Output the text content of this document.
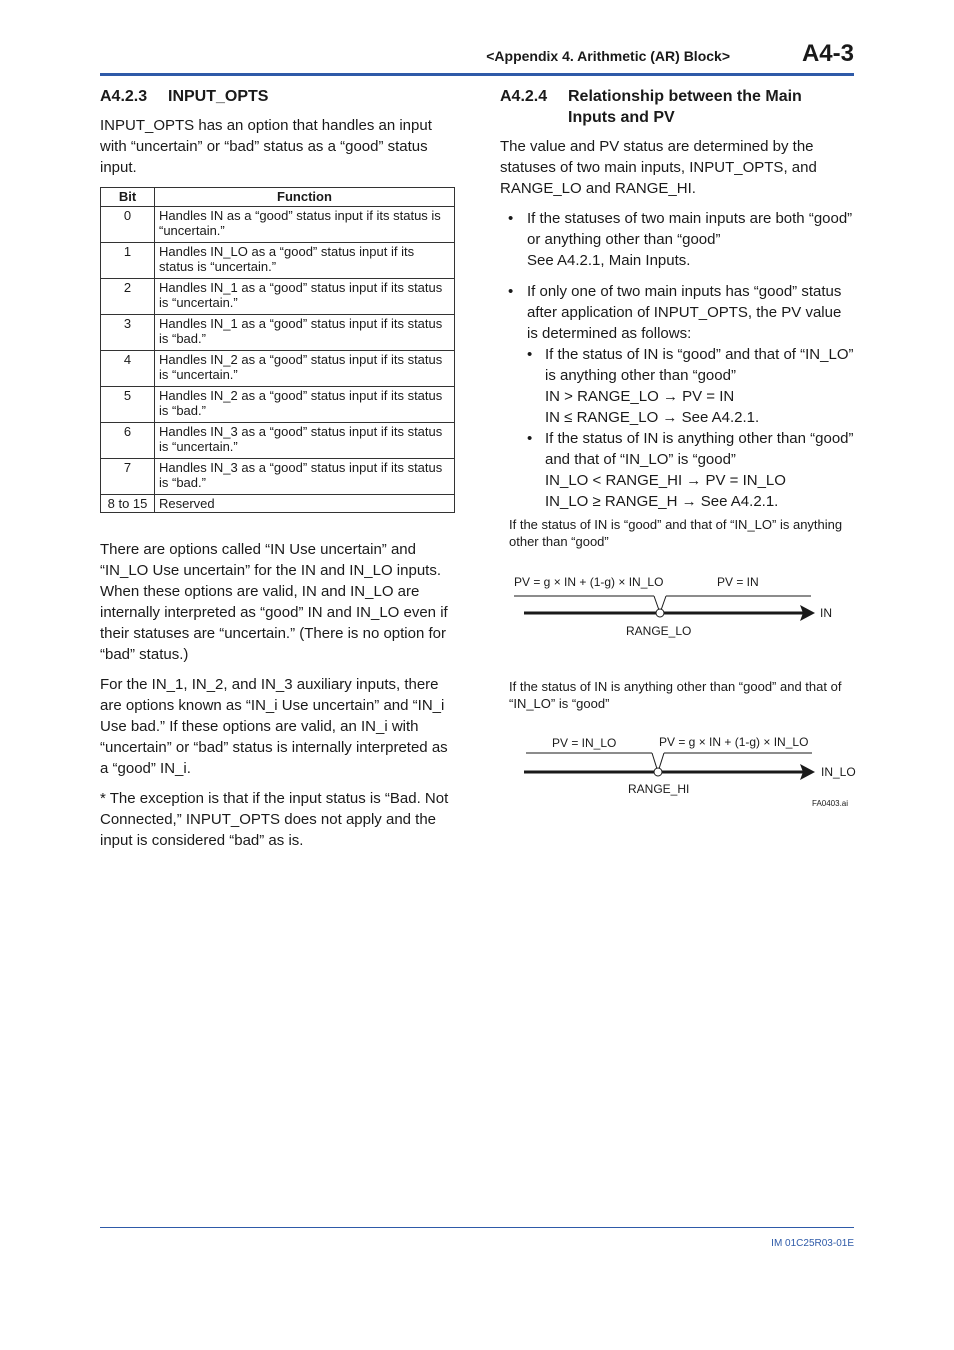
<Appendix 4. Arithmetic (AR) Block>	A4-3
A4.2.3	INPUT_OPTS

INPUT_OPTS has an option that handles an input with “uncertain” or “bad” status as a “good” status input.

Bit	Function
0	Handles IN as a “good” status input if its status is “uncertain.”
1	Handles IN_LO as a “good” status input if its status is “uncertain.”
2	Handles IN_1 as a “good” status input if its status is “uncertain.”
3	Handles IN_1 as a “good” status input if its status is “bad.”
4	Handles IN_2 as a “good” status input if its status is “uncertain.”
5	Handles IN_2 as a “good” status input if its status is “bad.”
6	Handles IN_3 as a “good” status input if its status is “uncertain.”
7	Handles IN_3 as a “good” status input if its status is “bad.”
8 to 15	Reserved

There are options called “IN Use uncertain” and “IN_LO Use uncertain” for the IN and IN_LO inputs. When these options are valid, IN and IN_LO are internally interpreted as “good” IN and IN_LO even if their statuses are “uncertain.” (There is no option for “bad” status.)

For the IN_1, IN_2, and IN_3 auxiliary inputs, there are options known as “IN_i Use uncertain” and “IN_i Use bad.” If these options are valid, an IN_i with “uncertain” or “bad” status is internally interpreted as a “good” IN_i.

* The exception is that if the input status is “Bad. Not Connected,” INPUT_OPTS does not apply and the input is considered “bad” as is.

A4.2.4	Relationship between the Main Inputs and PV

The value and PV status are determined by the statuses of two main inputs, INPUT_OPTS, and RANGE_LO and RANGE_HI.

• If the statuses of two main inputs are both “good” or anything other than “good”
See A4.2.1, Main Inputs.
• If only one of two main inputs has “good” status after application of INPUT_OPTS, the PV value is determined as follows:
• If the status of IN is “good” and that of “IN_LO” is anything other than “good”
IN > RANGE_LO → PV = IN
IN ≤ RANGE_LO → See A4.2.1.
• If the status of IN is anything other than “good” and that of “IN_LO” is “good”
IN_LO < RANGE_HI → PV = IN_LO
IN_LO ≥ RANGE_H → See A4.2.1.
If the status of IN is “good” and that of “IN_LO” is anything other than “good”
If the status of IN is anything other than “good” and that of “IN_LO” is “good”
PV = g × IN + (1-g) × IN_LO	PV = IN
IN
RANGE_LO
PV = IN_LO	PV = g × IN + (1-g) × IN_LO
IN_LO
RANGE_HI
FA0403.ai
IM 01C25R03-01E
